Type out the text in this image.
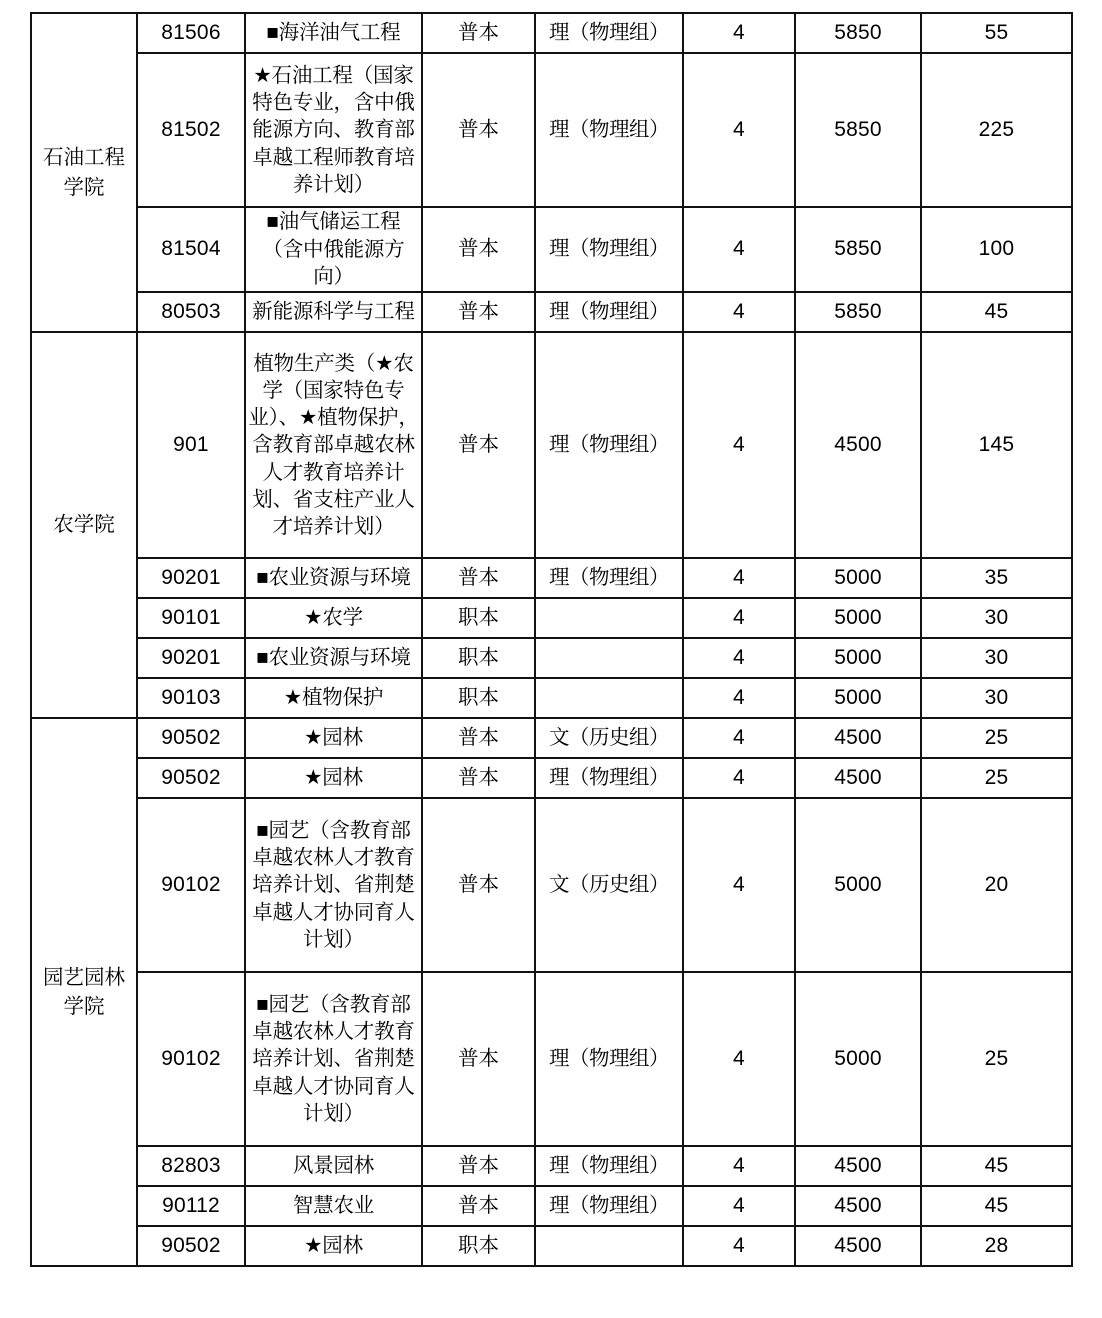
石油工程学院	81506	■海洋油气工程	普本	理（物理组）	4	5850	55
	81502	★石油工程（国家特色专业，含中俄能源方向、教育部卓越工程师教育培养计划）	普本	理（物理组）	4	5850	225
	81504	■油气储运工程（含中俄能源方向）	普本	理（物理组）	4	5850	100
	80503	新能源科学与工程	普本	理（物理组）	4	5850	45
农学院	901	植物生产类（★农学（国家特色专业）、★植物保护，含教育部卓越农林人才教育培养计划、省支柱产业人才培养计划）	普本	理（物理组）	4	4500	145
	90201	■农业资源与环境	普本	理（物理组）	4	5000	35
	90101	★农学	职本		4	5000	30
	90201	■农业资源与环境	职本		4	5000	30
	90103	★植物保护	职本		4	5000	30
园艺园林学院	90502	★园林	普本	文（历史组）	4	4500	25
	90502	★园林	普本	理（物理组）	4	4500	25
	90102	■园艺（含教育部卓越农林人才教育培养计划、省荆楚卓越人才协同育人计划）	普本	文（历史组）	4	5000	20
	90102	■园艺（含教育部卓越农林人才教育培养计划、省荆楚卓越人才协同育人计划）	普本	理（物理组）	4	5000	25
	82803	风景园林	普本	理（物理组）	4	4500	45
	90112	智慧农业	普本	理（物理组）	4	4500	45
	90502	★园林	职本		4	4500	28
